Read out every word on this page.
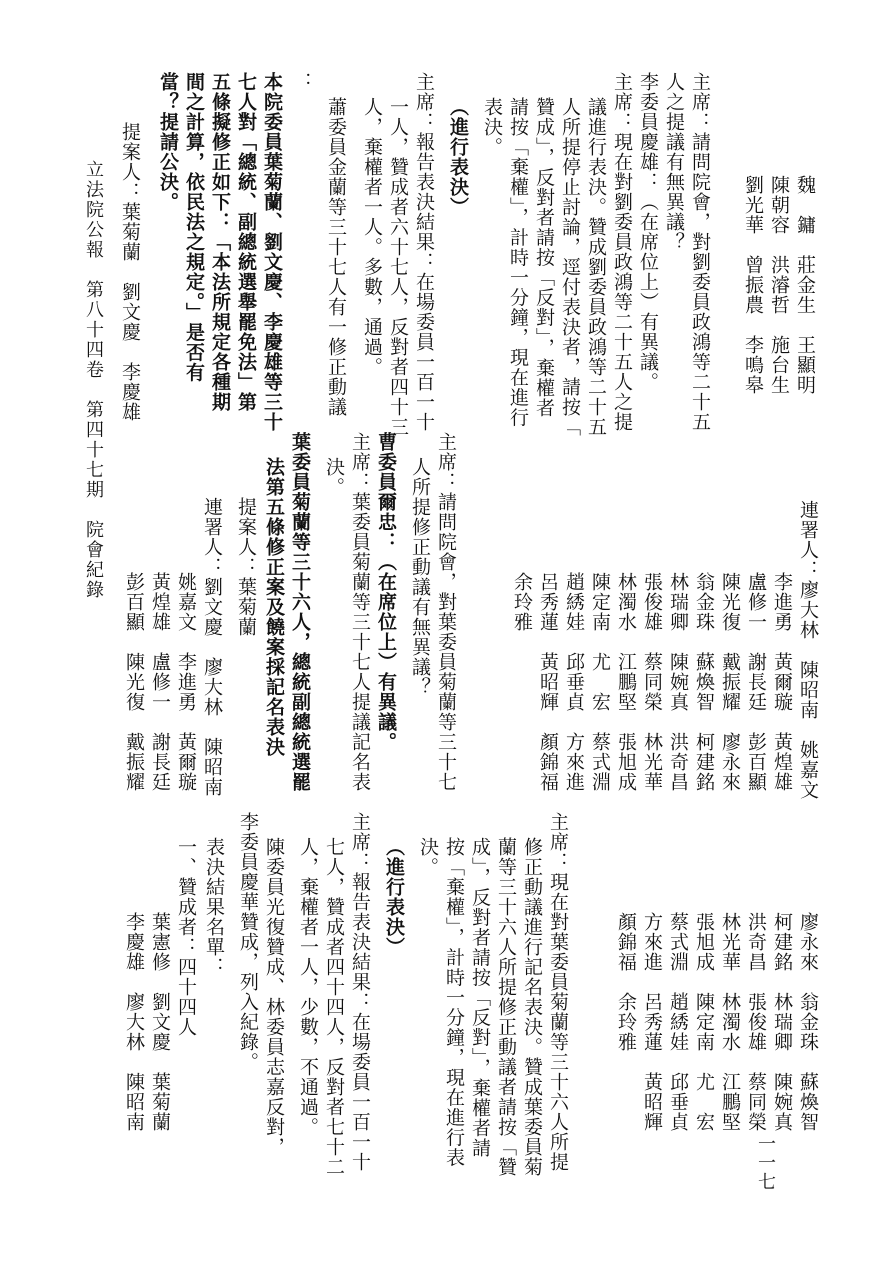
主席：請問院會，對劉委員政鴻等二十五
人之提議有無異議？
李委員慶雄：（在席位上）有異議。
主席：現在對劉委員政鴻等二十五人之提
議進行表決。贊成劉委員政鴻等二十五
人所提停止討論，逕付表決者，請按「
贊成」，反對者請按「反對」，棄權者
請按「棄權」，計時一分鐘，現在進行
表決。
（進行表決）
主席：報告表決結果：在場委員一百一十
一人，贊成者六十七人，反對者四十三
人，棄權者一人。多數，通過。
蕭委員金蘭等三十七人有一修正動議
：
本院委員葉菊蘭、劉文慶、李慶雄等三十
七人對「總統、副總統選舉罷免法」第
五條擬修正如下：「本法所規定各種期
間之計算，依民法之規定。」是否有
當？提請公決。
提案人：葉菊蘭　劉文慶　李慶雄
主席：請問院會，對葉委員菊蘭等三十七
人所提修正動議有無異議？
曹委員爾忠：（在席位上）有異議。
主席：葉委員菊蘭等三十七人提議記名表
決。
葉委員菊蘭等三十六人，總統副總統選罷
法第五條修正案及饒案採記名表決
提案人：葉菊蘭
連署人：劉文慶　廖大林　陳昭南
姚嘉文　李進勇　黃爾璇
黃煌雄　盧修一　謝長廷
彭百顯　陳光復　戴振耀
主席：現在對葉委員菊蘭等三十六人所提
修正動議進行記名表決。贊成葉委員菊
蘭等三十六人所提修正動議者請按「贊
成」，反對者請按「反對」，棄權者請
按「棄權」，計時一分鐘，現在進行表
決。
（進行表決）
主席：報告表決結果：在場委員一百一十
七人，贊成者四十四人，反對者七十二
人，棄權者一人，少數，不通過。
陳委員光復贊成、林委員志嘉反對，
李委員慶華贊成，列入紀錄。
表決結果名單：
一、贊成者：四十四人
葉憲修　劉文慶　葉菊蘭
李慶雄　廖大林　陳昭南
魏　鏞　莊金生　王顯明
陳朝容　洪濬哲　施台生
劉光華　曾振農　李鳴皋
連署人：廖大林　陳昭南　姚嘉文
李進勇　黃爾璇　黃煌雄
盧修一　謝長廷　彭百顯
陳光復　戴振耀　廖永來
翁金珠　蘇煥智　柯建銘
林瑞卿　陳婉真　洪奇昌
張俊雄　蔡同榮　林光華
林濁水　江鵬堅　張旭成
陳定南　尤　宏　蔡式淵
趙綉娃　邱垂貞　方來進
呂秀蓮　黃昭輝　顏錦福
余玲雅
廖永來　翁金珠　蘇煥智
柯建銘　林瑞卿　陳婉真
洪奇昌　張俊雄　蔡同榮
林光華　林濁水　江鵬堅
張旭成　陳定南　尤　宏
蔡式淵　趙綉娃　邱垂貞
方來進　呂秀蓮　黃昭輝
顏錦福　余玲雅
立法院公報　第八十四卷　第四十七期　院會紀錄
一一七
